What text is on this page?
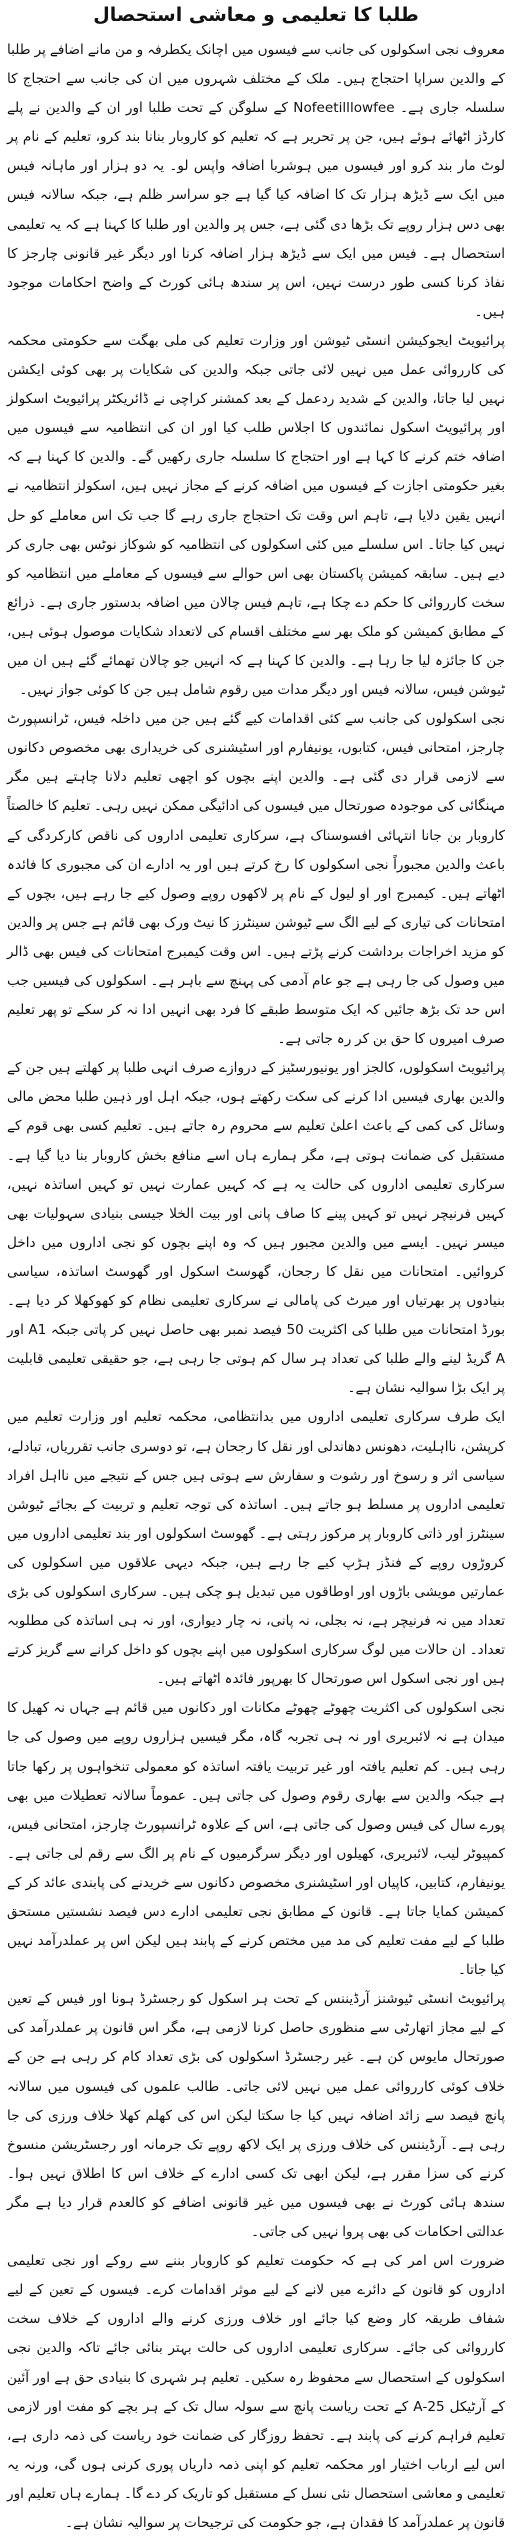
طلبا کا تعلیمی و معاشی استحصال

معروف نجی اسکولوں کی جانب سے فیسوں میں اچانک یکطرفہ و من مانے اضافے پر طلبا کے والدین سراپا احتجاج ہیں۔ ملک کے مختلف شہروں میں ان کی جانب سے احتجاج کا سلسلہ جاری ہے۔ Nofeetilllowfee کے سلوگن کے تحت طلبا اور ان کے والدین نے پلے کارڈز اٹھائے ہوئے ہیں، جن پر تحریر ہے کہ تعلیم کو کاروبار بنانا بند کرو، تعلیم کے نام پر لوٹ مار بند کرو اور فیسوں میں ہوشربا اضافہ واپس لو۔ یہ دو ہزار اور ماہانہ فیس میں ایک سے ڈیڑھ ہزار تک کا اضافہ کیا گیا ہے جو سراسر ظلم ہے، جبکہ سالانہ فیس بھی دس ہزار روپے تک بڑھا دی گئی ہے، جس پر والدین اور طلبا کا کہنا ہے کہ یہ تعلیمی استحصال ہے۔ فیس میں ایک سے ڈیڑھ ہزار اضافہ کرنا اور دیگر غیر قانونی چارجز کا نفاذ کرنا کسی طور درست نہیں، اس پر سندھ ہائی کورٹ کے واضح احکامات موجود ہیں۔

پرائیویٹ ایجوکیشن انسٹی ٹیوشن اور وزارت تعلیم کی ملی بھگت سے حکومتی محکمہ کی کارروائی عمل میں نہیں لائی جاتی جبکہ والدین کی شکایات پر بھی کوئی ایکشن نہیں لیا جاتا، والدین کے شدید ردعمل کے بعد کمشنر کراچی نے ڈائریکٹر پرائیویٹ اسکولز اور پرائیویٹ اسکول نمائندوں کا اجلاس طلب کیا اور ان کی انتظامیہ سے فیسوں میں اضافہ ختم کرنے کا کہا ہے اور احتجاج کا سلسلہ جاری رکھیں گے۔ والدین کا کہنا ہے کہ بغیر حکومتی اجازت کے فیسوں میں اضافہ کرنے کے مجاز نہیں ہیں، اسکولز انتظامیہ نے انہیں یقین دلایا ہے، تاہم اس وقت تک احتجاج جاری رہے گا جب تک اس معاملے کو حل نہیں کیا جاتا۔ اس سلسلے میں کئی اسکولوں کی انتظامیہ کو شوکاز نوٹس بھی جاری کر دیے ہیں۔ سابقہ کمیشن پاکستان بھی اس حوالے سے فیسوں کے معاملے میں انتظامیہ کو سخت کارروائی کا حکم دے چکا ہے، تاہم فیس چالان میں اضافہ بدستور جاری ہے۔ ذرائع کے مطابق کمیشن کو ملک بھر سے مختلف اقسام کی لاتعداد شکایات موصول ہوئی ہیں، جن کا جائزہ لیا جا رہا ہے۔ والدین کا کہنا ہے کہ انہیں جو چالان تھمائے گئے ہیں ان میں ٹیوشن فیس، سالانہ فیس اور دیگر مدات میں رقوم شامل ہیں جن کا کوئی جواز نہیں۔

نجی اسکولوں کی جانب سے کئی اقدامات کیے گئے ہیں جن میں داخلہ فیس، ٹرانسپورٹ چارجز، امتحانی فیس، کتابوں، یونیفارم اور اسٹیشنری کی خریداری بھی مخصوص دکانوں سے لازمی قرار دی گئی ہے۔ والدین اپنے بچوں کو اچھی تعلیم دلانا چاہتے ہیں مگر مہنگائی کی موجودہ صورتحال میں فیسوں کی ادائیگی ممکن نہیں رہی۔ تعلیم کا خالصتاً کاروبار بن جانا انتہائی افسوسناک ہے، سرکاری تعلیمی اداروں کی ناقص کارکردگی کے باعث والدین مجبوراً نجی اسکولوں کا رخ کرتے ہیں اور یہ ادارے ان کی مجبوری کا فائدہ اٹھاتے ہیں۔ کیمبرج اور او لیول کے نام پر لاکھوں روپے وصول کیے جا رہے ہیں، بچوں کے امتحانات کی تیاری کے لیے الگ سے ٹیوشن سینٹرز کا نیٹ ورک بھی قائم ہے جس پر والدین کو مزید اخراجات برداشت کرنے پڑتے ہیں۔ اس وقت کیمبرج امتحانات کی فیس بھی ڈالر میں وصول کی جا رہی ہے جو عام آدمی کی پہنچ سے باہر ہے۔ اسکولوں کی فیسیں جب اس حد تک بڑھ جائیں کہ ایک متوسط طبقے کا فرد بھی انہیں ادا نہ کر سکے تو پھر تعلیم صرف امیروں کا حق بن کر رہ جاتی ہے۔

پرائیویٹ اسکولوں، کالجز اور یونیورسٹیز کے دروازے صرف انہی طلبا پر کھلتے ہیں جن کے والدین بھاری فیسیں ادا کرنے کی سکت رکھتے ہوں، جبکہ اہل اور ذہین طلبا محض مالی وسائل کی کمی کے باعث اعلیٰ تعلیم سے محروم رہ جاتے ہیں۔ تعلیم کسی بھی قوم کے مستقبل کی ضمانت ہوتی ہے، مگر ہمارے ہاں اسے منافع بخش کاروبار بنا دیا گیا ہے۔ سرکاری تعلیمی اداروں کی حالت یہ ہے کہ کہیں عمارت نہیں تو کہیں اساتذہ نہیں، کہیں فرنیچر نہیں تو کہیں پینے کا صاف پانی اور بیت الخلا جیسی بنیادی سہولیات بھی میسر نہیں۔ ایسے میں والدین مجبور ہیں کہ وہ اپنے بچوں کو نجی اداروں میں داخل کروائیں۔ امتحانات میں نقل کا رجحان، گھوسٹ اسکول اور گھوسٹ اساتذہ، سیاسی بنیادوں پر بھرتیاں اور میرٹ کی پامالی نے سرکاری تعلیمی نظام کو کھوکھلا کر دیا ہے۔ بورڈ امتحانات میں طلبا کی اکثریت 50 فیصد نمبر بھی حاصل نہیں کر پاتی جبکہ A1 اور A گریڈ لینے والے طلبا کی تعداد ہر سال کم ہوتی جا رہی ہے، جو حقیقی تعلیمی قابلیت پر ایک بڑا سوالیہ نشان ہے۔

ایک طرف سرکاری تعلیمی اداروں میں بدانتظامی، محکمہ تعلیم اور وزارت تعلیم میں کرپشن، نااہلیت، دھونس دھاندلی اور نقل کا رجحان ہے، تو دوسری جانب تقرریاں، تبادلے، سیاسی اثر و رسوخ اور رشوت و سفارش سے ہوتی ہیں جس کے نتیجے میں نااہل افراد تعلیمی اداروں پر مسلط ہو جاتے ہیں۔ اساتذہ کی توجہ تعلیم و تربیت کے بجائے ٹیوشن سینٹرز اور ذاتی کاروبار پر مرکوز رہتی ہے۔ گھوسٹ اسکولوں اور بند تعلیمی اداروں میں کروڑوں روپے کے فنڈز ہڑپ کیے جا رہے ہیں، جبکہ دیہی علاقوں میں اسکولوں کی عمارتیں مویشی باڑوں اور اوطاقوں میں تبدیل ہو چکی ہیں۔ سرکاری اسکولوں کی بڑی تعداد میں نہ فرنیچر ہے، نہ بجلی، نہ پانی، نہ چار دیواری، اور نہ ہی اساتذہ کی مطلوبہ تعداد۔ ان حالات میں لوگ سرکاری اسکولوں میں اپنے بچوں کو داخل کرانے سے گریز کرتے ہیں اور نجی اسکول اس صورتحال کا بھرپور فائدہ اٹھاتے ہیں۔

نجی اسکولوں کی اکثریت چھوٹے چھوٹے مکانات اور دکانوں میں قائم ہے جہاں نہ کھیل کا میدان ہے نہ لائبریری اور نہ ہی تجربہ گاہ، مگر فیسیں ہزاروں روپے میں وصول کی جا رہی ہیں۔ کم تعلیم یافتہ اور غیر تربیت یافتہ اساتذہ کو معمولی تنخواہوں پر رکھا جاتا ہے جبکہ والدین سے بھاری رقوم وصول کی جاتی ہیں۔ عموماً سالانہ تعطیلات میں بھی پورے سال کی فیس وصول کی جاتی ہے، اس کے علاوہ ٹرانسپورٹ چارجز، امتحانی فیس، کمپیوٹر لیب، لائبریری، کھیلوں اور دیگر سرگرمیوں کے نام پر الگ سے رقم لی جاتی ہے۔ یونیفارم، کتابیں، کاپیاں اور اسٹیشنری مخصوص دکانوں سے خریدنے کی پابندی عائد کر کے کمیشن کمایا جاتا ہے۔ قانون کے مطابق نجی تعلیمی ادارے دس فیصد نشستیں مستحق طلبا کے لیے مفت تعلیم کی مد میں مختص کرنے کے پابند ہیں لیکن اس پر عملدرآمد نہیں کیا جاتا۔

پرائیویٹ انسٹی ٹیوشنز آرڈیننس کے تحت ہر اسکول کو رجسٹرڈ ہونا اور فیس کے تعین کے لیے مجاز اتھارٹی سے منظوری حاصل کرنا لازمی ہے، مگر اس قانون پر عملدرآمد کی صورتحال مایوس کن ہے۔ غیر رجسٹرڈ اسکولوں کی بڑی تعداد کام کر رہی ہے جن کے خلاف کوئی کارروائی عمل میں نہیں لائی جاتی۔ طالب علموں کی فیسوں میں سالانہ پانچ فیصد سے زائد اضافہ نہیں کیا جا سکتا لیکن اس کی کھلم کھلا خلاف ورزی کی جا رہی ہے۔ آرڈیننس کی خلاف ورزی پر ایک لاکھ روپے تک جرمانہ اور رجسٹریشن منسوخ کرنے کی سزا مقرر ہے، لیکن ابھی تک کسی ادارے کے خلاف اس کا اطلاق نہیں ہوا۔ سندھ ہائی کورٹ نے بھی فیسوں میں غیر قانونی اضافے کو کالعدم قرار دیا ہے مگر عدالتی احکامات کی بھی پروا نہیں کی جاتی۔

ضرورت اس امر کی ہے کہ حکومت تعلیم کو کاروبار بننے سے روکے اور نجی تعلیمی اداروں کو قانون کے دائرے میں لانے کے لیے موثر اقدامات کرے۔ فیسوں کے تعین کے لیے شفاف طریقہ کار وضع کیا جائے اور خلاف ورزی کرنے والے اداروں کے خلاف سخت کارروائی کی جائے۔ سرکاری تعلیمی اداروں کی حالت بہتر بنائی جائے تاکہ والدین نجی اسکولوں کے استحصال سے محفوظ رہ سکیں۔ تعلیم ہر شہری کا بنیادی حق ہے اور آئین کے آرٹیکل 25-A کے تحت ریاست پانچ سے سولہ سال تک کے ہر بچے کو مفت اور لازمی تعلیم فراہم کرنے کی پابند ہے۔ تحفظ روزگار کی ضمانت خود ریاست کی ذمہ داری ہے، اس لیے ارباب اختیار اور محکمہ تعلیم کو اپنی ذمہ داریاں پوری کرنی ہوں گی، ورنہ یہ تعلیمی و معاشی استحصال نئی نسل کے مستقبل کو تاریک کر دے گا۔ ہمارے ہاں تعلیم اور قانون پر عملدرآمد کا فقدان ہے، جو حکومت کی ترجیحات پر سوالیہ نشان ہے۔
